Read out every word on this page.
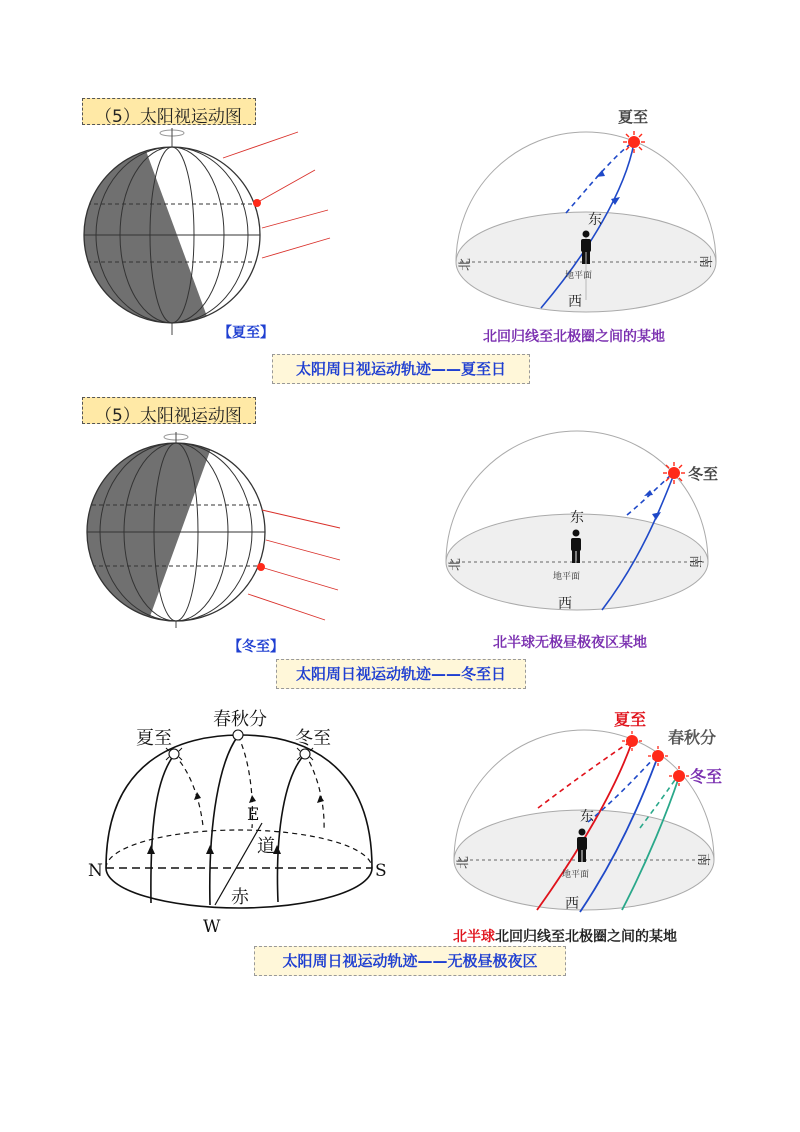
（5）太阳视运动图
【夏至】
夏至
东
西
北	南
地平面
北回归线至北极圈之间的某地
太阳周日视运动轨迹——夏至日
（5）太阳视运动图
【冬至】
冬至
东
西
北	南
地平面
北半球无极昼极夜区某地
太阳周日视运动轨迹——冬至日
夏至
春秋分
冬至
N	S
E
W
道
赤
夏至
春秋分
冬至
东
西
北	南
地平面
北半球北回归线至北极圈之间的某地
太阳周日视运动轨迹——无极昼极夜区
